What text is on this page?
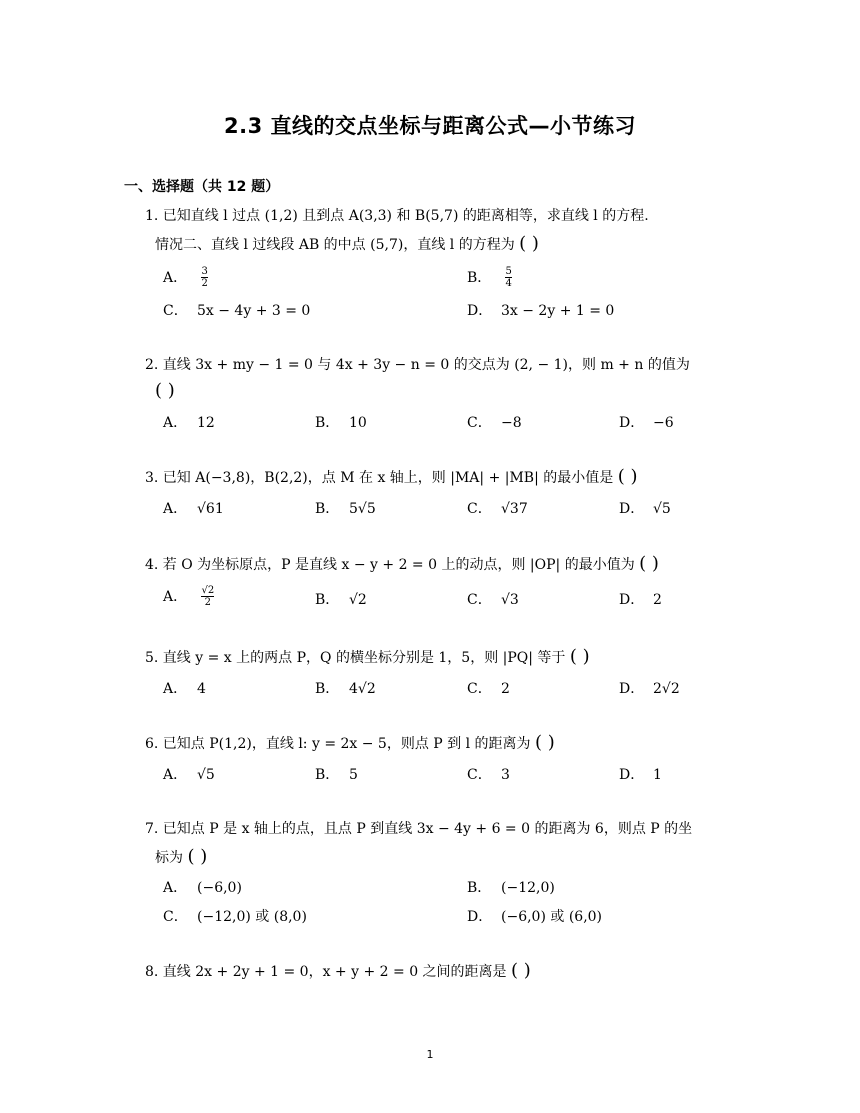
2.3 直线的交点坐标与距离公式—小节练习
一、选择题（共 12 题）
1. 已知直线 l 过点 (1,2) 且到点 A(3,3) 和 B(5,7) 的距离相等，求直线 l 的方程.
情况二、直线 l 过线段 AB 的中点 (5,7)，直线 l 的方程为 ( )
A． $\frac{3}{2}$	B． $\frac{5}{4}$
C． 5x − 4y + 3 = 0	D． 3x − 2y + 1 = 0
2. 直线 3x + my − 1 = 0 与 4x + 3y − n = 0 的交点为 (2, − 1)，则 m + n 的值为
( )
A． 12	B． 10	C． −8	D． −6
3. 已知 A(−3,8)，B(2,2)，点 M 在 x 轴上，则 |MA| + |MB| 的最小值是 ( )
A． √61	B． 5√5	C． √37	D． √5
4. 若 O 为坐标原点，P 是直线 x − y + 2 = 0 上的动点，则 |OP| 的最小值为 ( )
A． $\frac{√2}{2}$	B． √2	C． √3	D． 2
5. 直线 y = x 上的两点 P，Q 的横坐标分别是 1，5，则 |PQ| 等于 ( )
A． 4	B． 4√2	C． 2	D． 2√2
6. 已知点 P(1,2)，直线 l: y = 2x − 5，则点 P 到 l 的距离为 ( )
A． √5	B． 5	C． 3	D． 1
7. 已知点 P 是 x 轴上的点，且点 P 到直线 3x − 4y + 6 = 0 的距离为 6，则点 P 的坐
标为 ( )
A． (−6,0)	B． (−12,0)
C． (−12,0) 或 (8,0)	D． (−6,0) 或 (6,0)
8. 直线 2x + 2y + 1 = 0，x + y + 2 = 0 之间的距离是 ( )
1
